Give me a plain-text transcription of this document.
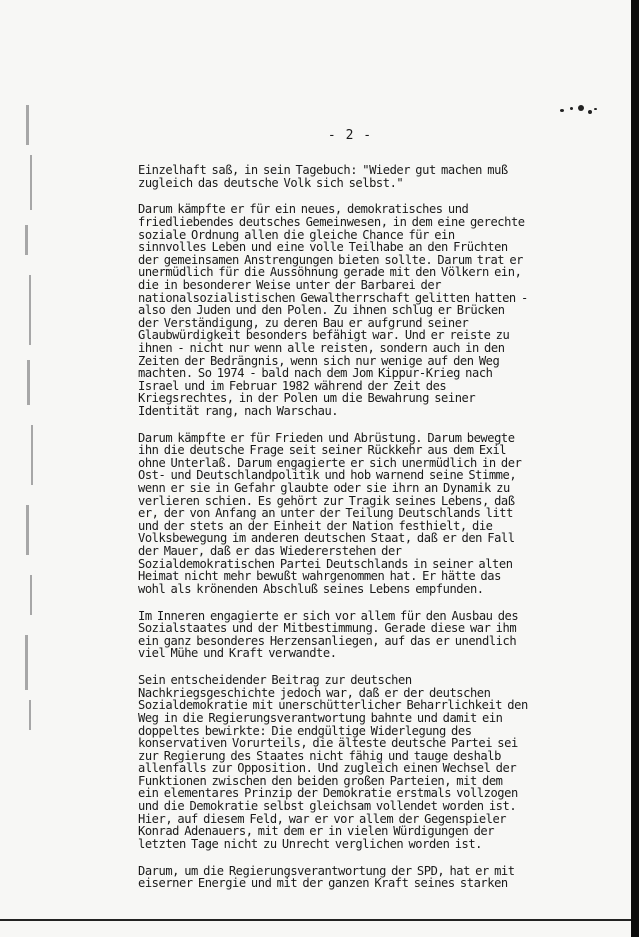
- 2 -

Einzelhaft saß, in sein Tagebuch: "Wieder gut machen muß
zugleich das deutsche Volk sich selbst."

Darum kämpfte er für ein neues, demokratisches und
friedliebendes deutsches Gemeinwesen, in dem eine gerechte
soziale Ordnung allen die gleiche Chance für ein
sinnvolles Leben und eine volle Teilhabe an den Früchten
der gemeinsamen Anstrengungen bieten sollte. Darum trat er
unermüdlich für die Aussöhnung gerade mit den Völkern ein,
die in besonderer Weise unter der Barbarei der
nationalsozialistischen Gewaltherrschaft gelitten hatten -
also den Juden und den Polen. Zu ihnen schlug er Brücken
der Verständigung, zu deren Bau er aufgrund seiner
Glaubwürdigkeit besonders befähigt war. Und er reiste zu
ihnen - nicht nur wenn alle reisten, sondern auch in den
Zeiten der Bedrängnis, wenn sich nur wenige auf den Weg
machten. So 1974 - bald nach dem Jom Kippur-Krieg nach
Israel und im Februar 1982 während der Zeit des
Kriegsrechtes, in der Polen um die Bewahrung seiner
Identität rang, nach Warschau.

Darum kämpfte er für Frieden und Abrüstung. Darum bewegte
ihn die deutsche Frage seit seiner Rückkehr aus dem Exil
ohne Unterlaß. Darum engagierte er sich unermüdlich in der
Ost- und Deutschlandpolitik und hob warnend seine Stimme,
wenn er sie in Gefahr glaubte oder sie ihrn an Dynamik zu
verlieren schien. Es gehört zur Tragik seines Lebens, daß
er, der von Anfang an unter der Teilung Deutschlands litt
und der stets an der Einheit der Nation festhielt, die
Volksbewegung im anderen deutschen Staat, daß er den Fall
der Mauer, daß er das Wiedererstehen der
Sozialdemokratischen Partei Deutschlands in seiner alten
Heimat nicht mehr bewußt wahrgenommen hat. Er hätte das
wohl als krönenden Abschluß seines Lebens empfunden.

Im Inneren engagierte er sich vor allem für den Ausbau des
Sozialstaates und der Mitbestimmung. Gerade diese war ihm
ein ganz besonderes Herzensanliegen, auf das er unendlich
viel Mühe und Kraft verwandte.

Sein entscheidender Beitrag zur deutschen
Nachkriegsgeschichte jedoch war, daß er der deutschen
Sozialdemokratie mit unerschütterlicher Beharrlichkeit den
Weg in die Regierungsverantwortung bahnte und damit ein
doppeltes bewirkte: Die endgültige Widerlegung des
konservativen Vorurteils, die älteste deutsche Partei sei
zur Regierung des Staates nicht fähig und tauge deshalb
allenfalls zur Opposition. Und zugleich einen Wechsel der
Funktionen zwischen den beiden großen Parteien, mit dem
ein elementares Prinzip der Demokratie erstmals vollzogen
und die Demokratie selbst gleichsam vollendet worden ist.
Hier, auf diesem Feld, war er vor allem der Gegenspieler
Konrad Adenauers, mit dem er in vielen Würdigungen der
letzten Tage nicht zu Unrecht verglichen worden ist.

Darum, um die Regierungsverantwortung der SPD, hat er mit
eiserner Energie und mit der ganzen Kraft seines starken
